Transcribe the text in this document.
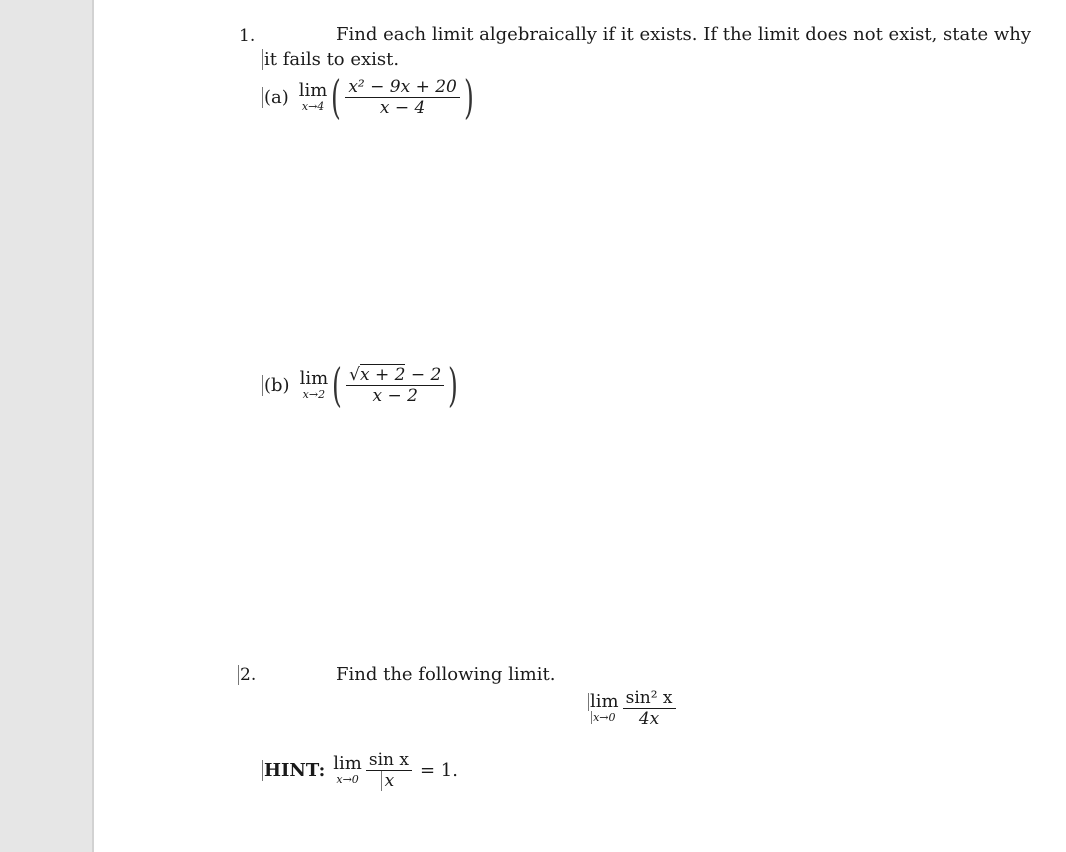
1.	Find each limit algebraically if it exists. If the limit does not exist, state why
it fails to exist.
(a) lim
x→4 ( $\frac{\text{x² − 9x + 20}}{x - 4}$ )
(b) lim
x→2 ( $\frac{√x + 2 - 2}{x - 2}$ )
2.	Find the following limit.
lim
$x\to 0 \frac{\text{sin² x}}{4x}$
HINT: lim
$x\to 0 \frac{\text{sin x}}{x} = 1$.
